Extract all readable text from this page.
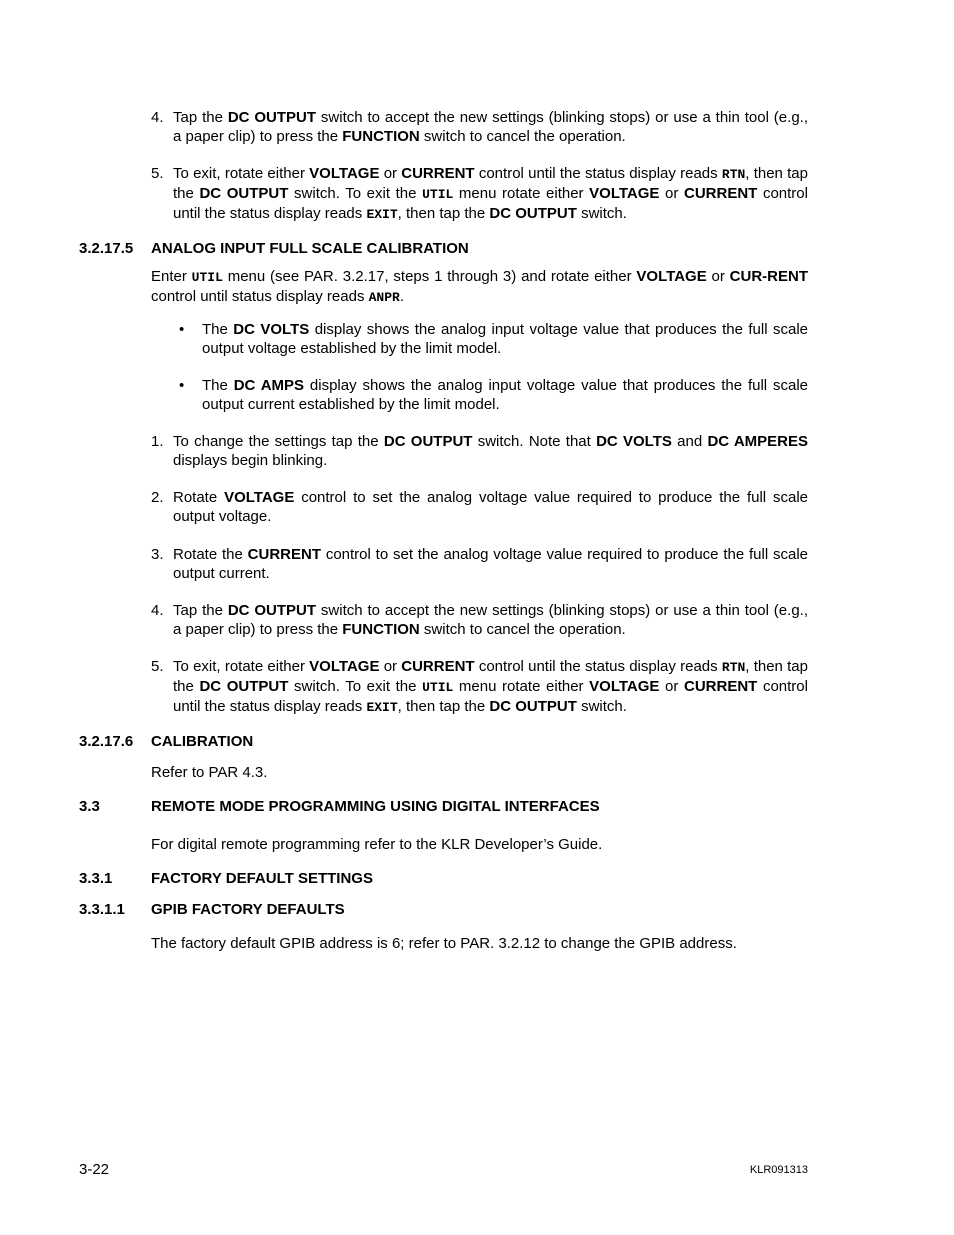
4. Tap the DC OUTPUT switch to accept the new settings (blinking stops) or use a thin tool (e.g., a paper clip) to press the FUNCTION switch to cancel the operation.
5. To exit, rotate either VOLTAGE or CURRENT control until the status display reads RTN, then tap the DC OUTPUT switch. To exit the UTIL menu rotate either VOLTAGE or CURRENT control until the status display reads EXIT, then tap the DC OUTPUT switch.
3.2.17.5 ANALOG INPUT FULL SCALE CALIBRATION
Enter UTIL menu (see PAR. 3.2.17, steps 1 through 3) and rotate either VOLTAGE or CUR-RENT control until status display reads ANPR.
• The DC VOLTS display shows the analog input voltage value that produces the full scale output voltage established by the limit model.
• The DC AMPS display shows the analog input voltage value that produces the full scale output current established by the limit model.
1. To change the settings tap the DC OUTPUT switch. Note that DC VOLTS and DC AMPERES displays begin blinking.
2. Rotate VOLTAGE control to set the analog voltage value required to produce the full scale output voltage.
3. Rotate the CURRENT control to set the analog voltage value required to produce the full scale output current.
4. Tap the DC OUTPUT switch to accept the new settings (blinking stops) or use a thin tool (e.g., a paper clip) to press the FUNCTION switch to cancel the operation.
5. To exit, rotate either VOLTAGE or CURRENT control until the status display reads RTN, then tap the DC OUTPUT switch. To exit the UTIL menu rotate either VOLTAGE or CURRENT control until the status display reads EXIT, then tap the DC OUTPUT switch.
3.2.17.6 CALIBRATION
Refer to PAR 4.3.
3.3	REMOTE MODE PROGRAMMING USING DIGITAL INTERFACES
For digital remote programming refer to the KLR Developer’s Guide.
3.3.1	FACTORY DEFAULT SETTINGS
3.3.1.1 GPIB FACTORY DEFAULTS
The factory default GPIB address is 6; refer to PAR. 3.2.12 to change the GPIB address.
3-22	KLR091313
